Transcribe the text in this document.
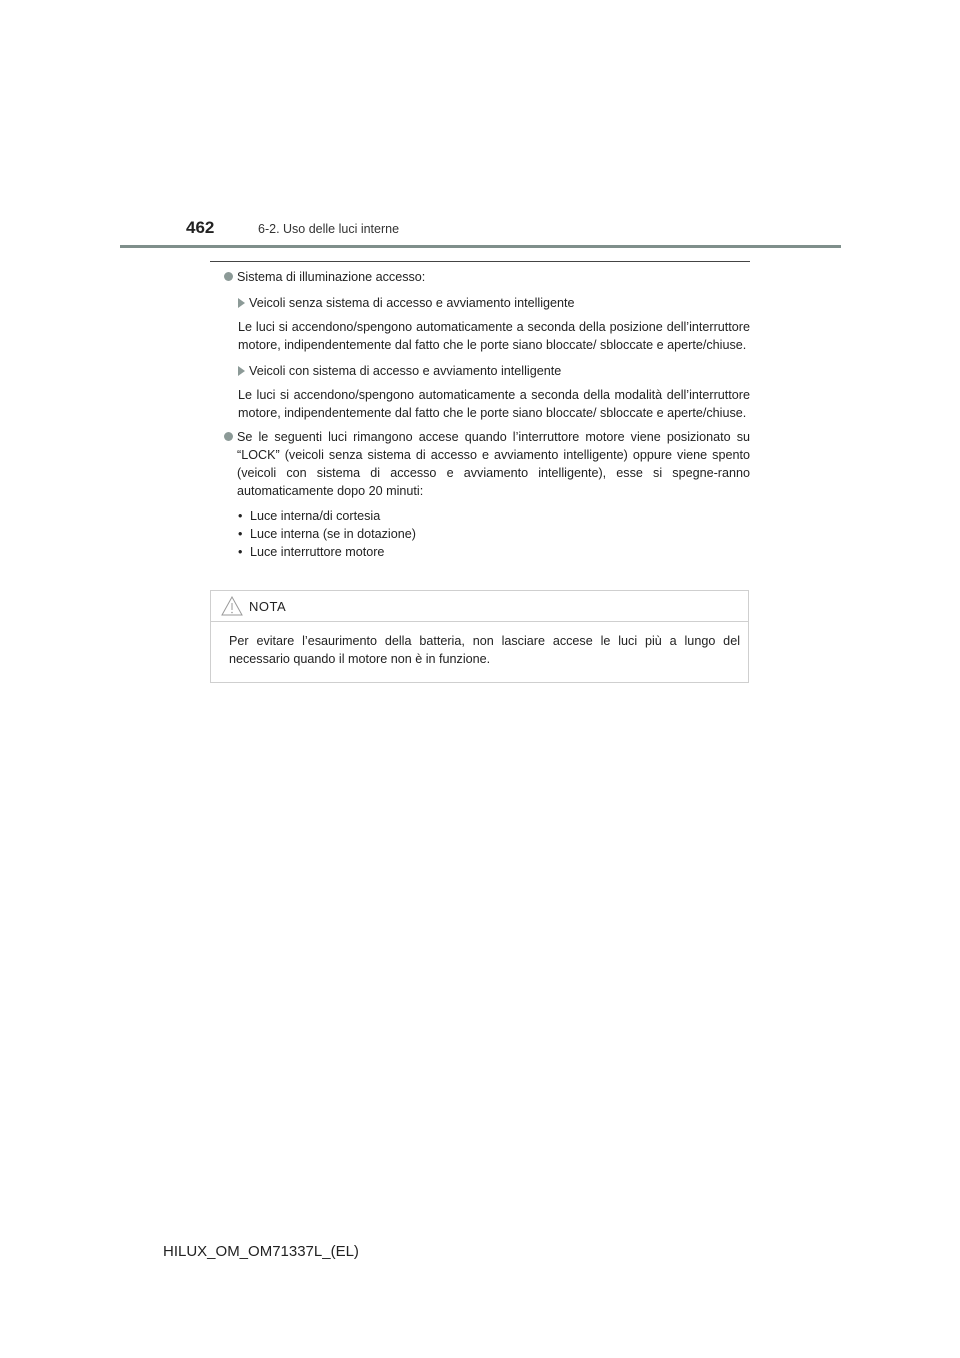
462	6-2. Uso delle luci interne
Sistema di illuminazione accesso:
Veicoli senza sistema di accesso e avviamento intelligente
Le luci si accendono/spengono automaticamente a seconda della posizione dell’interruttore motore, indipendentemente dal fatto che le porte siano bloccate/ sbloccate e aperte/chiuse.
Veicoli con sistema di accesso e avviamento intelligente
Le luci si accendono/spengono automaticamente a seconda della modalità dell’interruttore motore, indipendentemente dal fatto che le porte siano bloccate/ sbloccate e aperte/chiuse.
Se le seguenti luci rimangono accese quando l’interruttore motore viene posizionato su “LOCK” (veicoli senza sistema di accesso e avviamento intelligente) oppure viene spento (veicoli con sistema di accesso e avviamento intelligente), esse si spegne-ranno automaticamente dopo 20 minuti:
• Luce interna/di cortesia
• Luce interna (se in dotazione)
• Luce interruttore motore
NOTA
Per evitare l’esaurimento della batteria, non lasciare accese le luci più a lungo del necessario quando il motore non è in funzione.
HILUX_OM_OM71337L_(EL)
